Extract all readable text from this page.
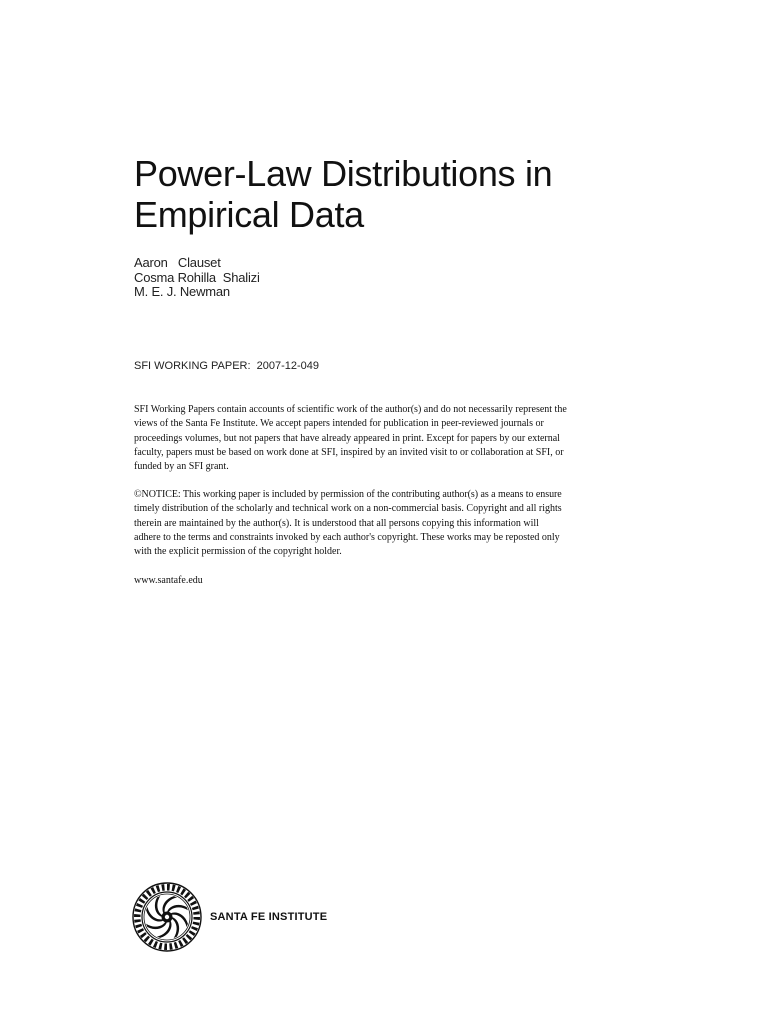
Power-Law Distributions in
Empirical Data
Aaron   Clauset
Cosma Rohilla  Shalizi
M. E. J. Newman
SFI WORKING PAPER:  2007-12-049
SFI Working Papers contain accounts of scientific work of the author(s) and do not necessarily represent the
views of the Santa Fe Institute. We accept papers intended for publication in peer-reviewed journals or
proceedings volumes, but not papers that have already appeared in print. Except for papers by our external
faculty, papers must be based on work done at SFI, inspired by an invited visit to or collaboration at SFI, or
funded by an SFI grant.
©NOTICE: This working paper is included by permission of the contributing author(s) as a means to ensure
timely distribution of the scholarly and technical work on a non-commercial basis. Copyright and all rights
therein are maintained by the author(s). It is understood that all persons copying this information will
adhere to the terms and constraints invoked by each author's copyright. These works may be reposted only
with the explicit permission of the copyright holder.
www.santafe.edu
SANTA FE INSTITUTE
